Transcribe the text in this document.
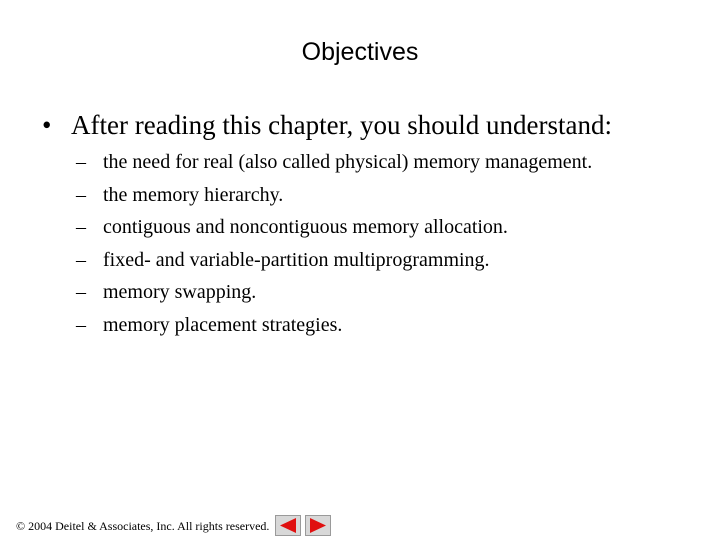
Objectives
• After reading this chapter, you should understand:
– the need for real (also called physical) memory management.
– the memory hierarchy.
– contiguous and noncontiguous memory allocation.
– fixed- and variable-partition multiprogramming.
– memory swapping.
– memory placement strategies.
© 2004 Deitel & Associates, Inc. All rights reserved.
